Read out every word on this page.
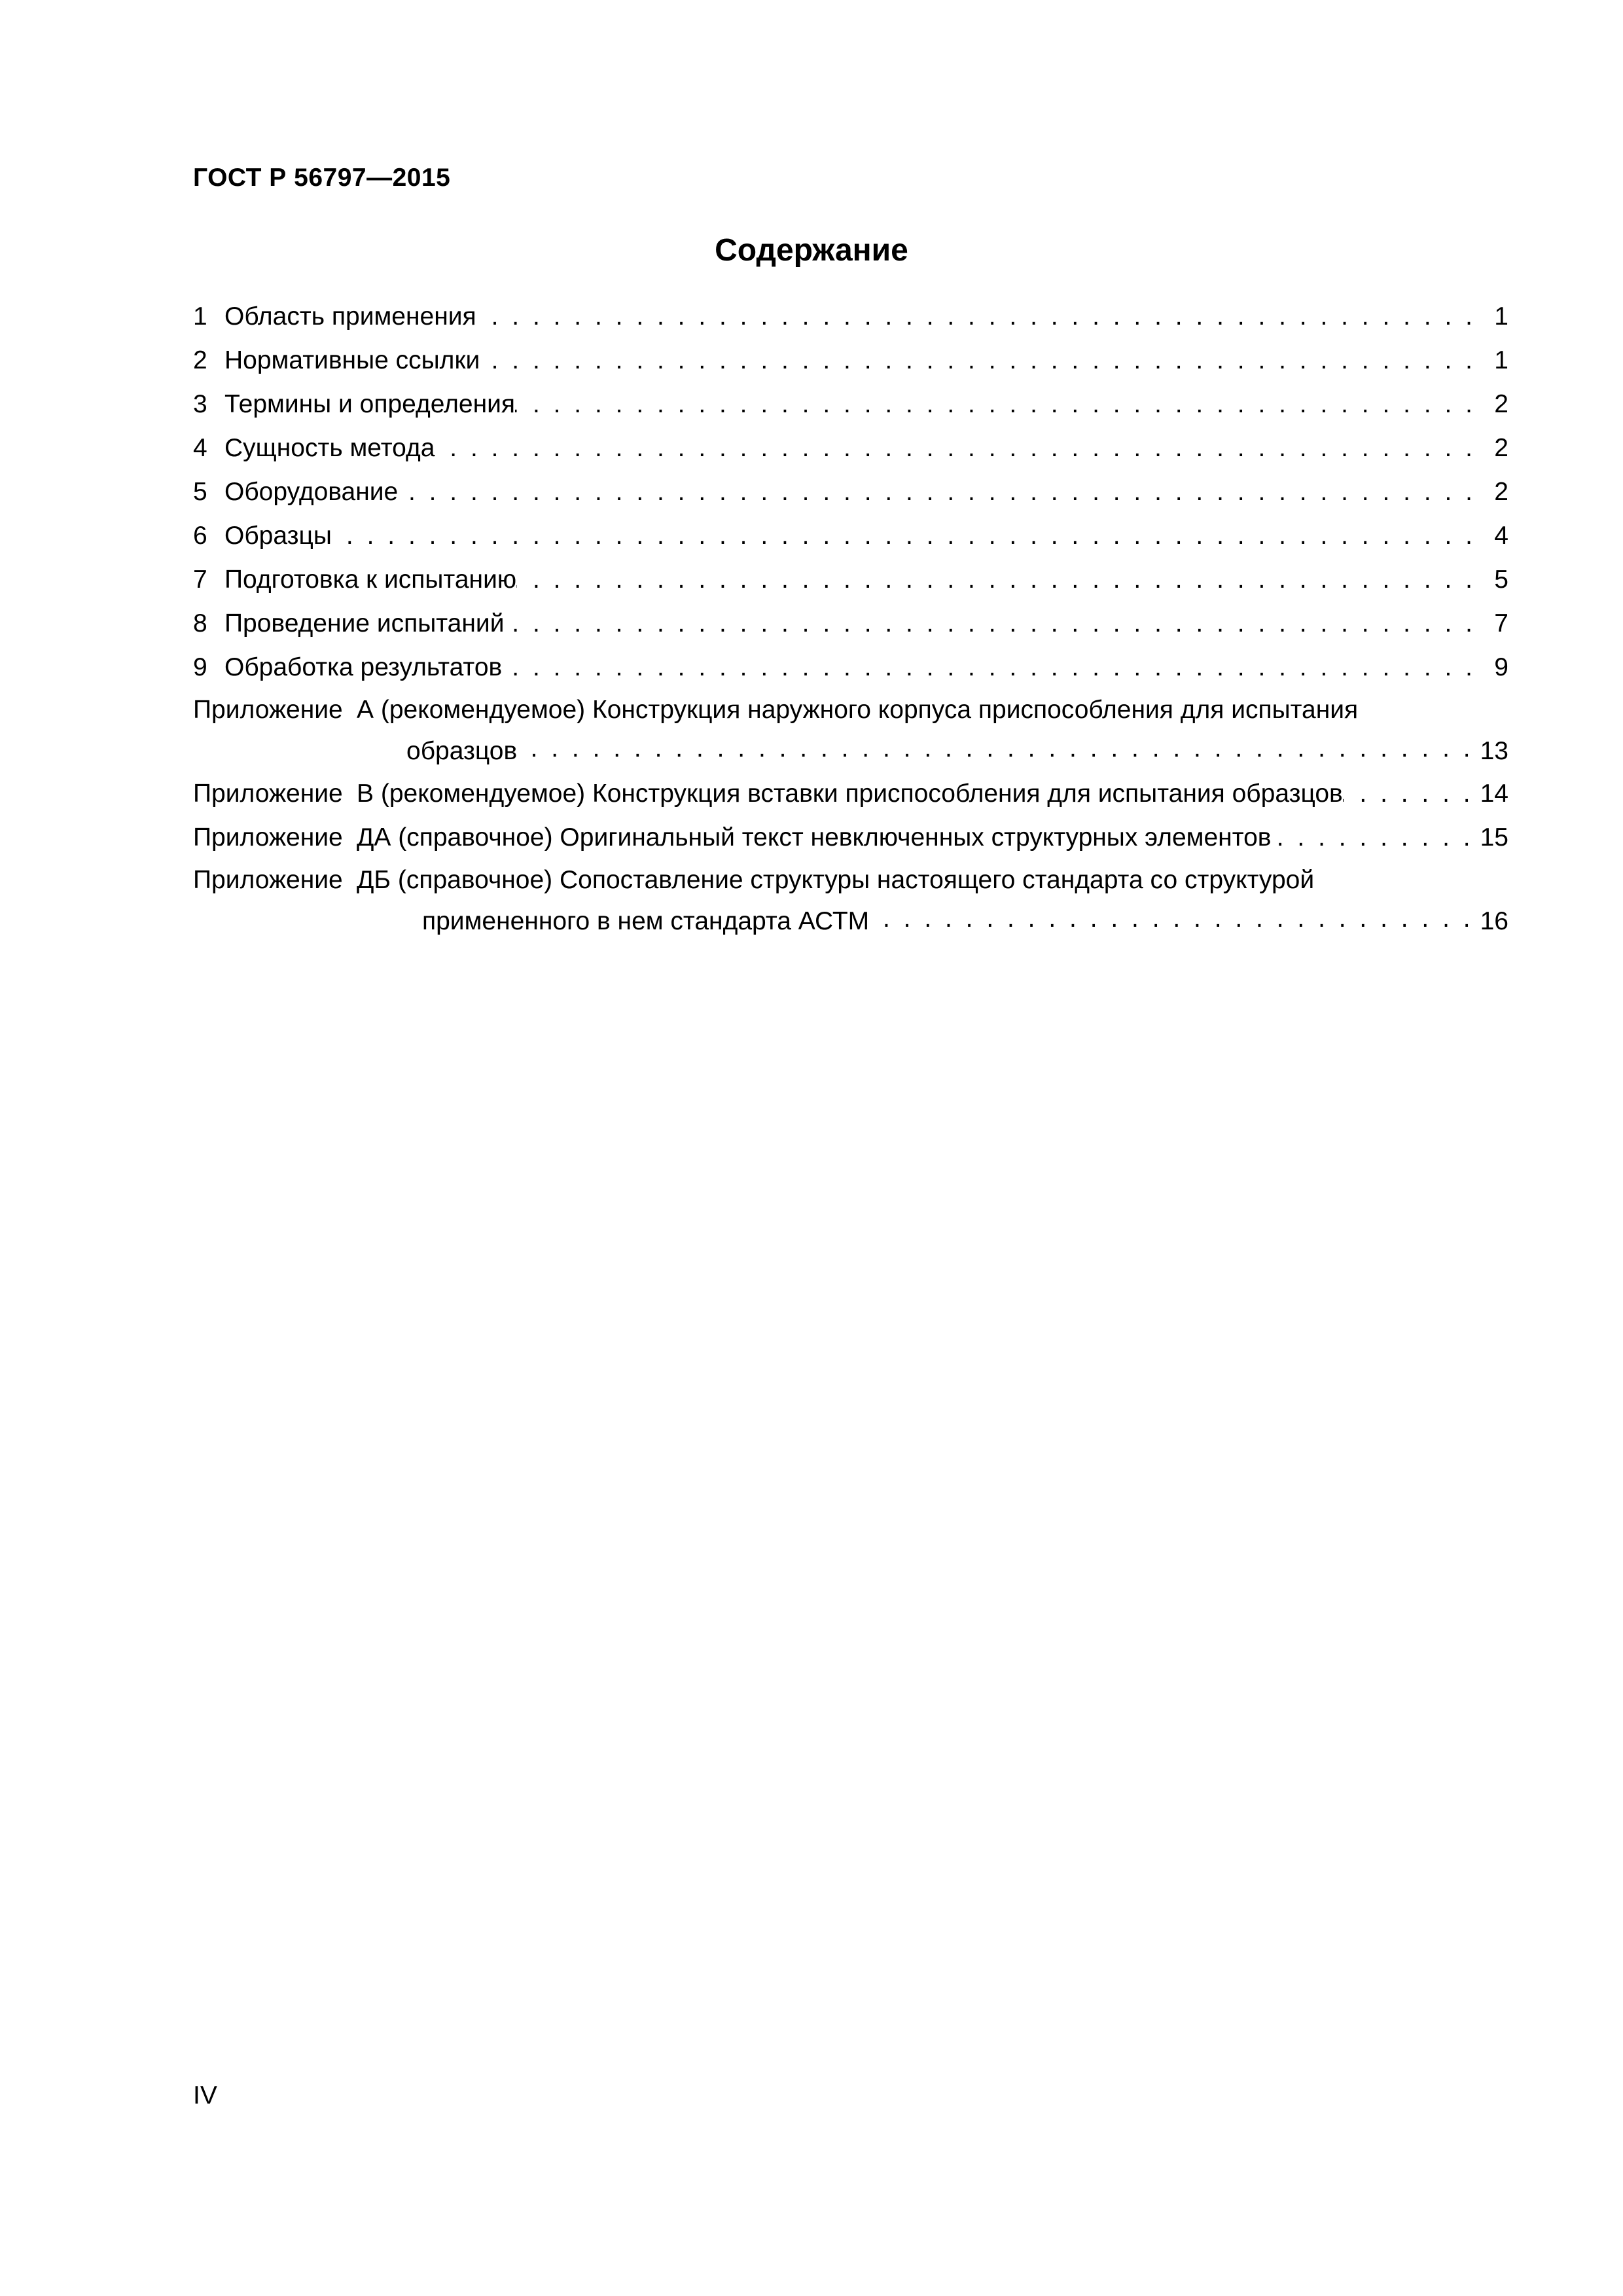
ГОСТ Р 56797—2015
Содержание
1 Область применения . . .	1
2 Нормативные ссылки . . .	1
3 Термины и определения . . .	2
4 Сущность метода . . .	2
5 Оборудование . . .	2
6 Образцы . . .	4
7 Подготовка к испытанию . . .	5
8 Проведение испытаний . . .	7
9 Обработка результатов . . .	9
Приложение А (рекомендуемое) Конструкция наружного корпуса приспособления для испытания
образцов . . .	13
Приложение В (рекомендуемое) Конструкция вставки приспособления для испытания образцов . . .	14
Приложение ДА (справочное) Оригинальный текст невключенных структурных элементов . . .	15
Приложение ДБ (справочное) Сопоставление структуры настоящего стандарта со структурой
примененного в нем стандарта АСТМ . . .	16
IV
